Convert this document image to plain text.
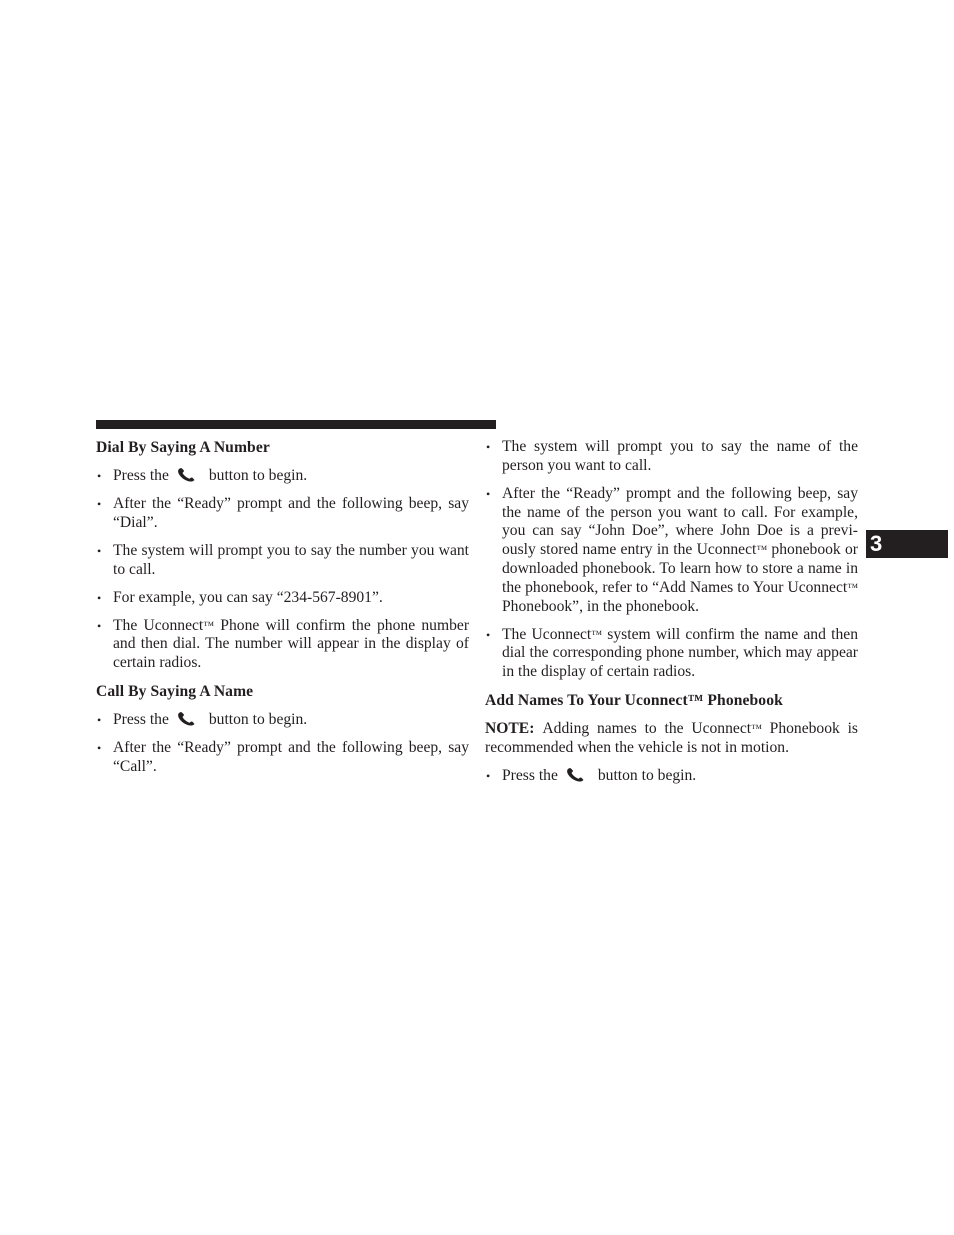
3
Dial By Saying A Number
• Press the	button to begin.
• After the “Ready” prompt and the following beep, say “Dial”.
• The system will prompt you to say the number you want to call.
• For example, you can say “234-567-8901”.
• The Uconnect™ Phone will confirm the phone number and then dial. The number will appear in the display of certain radios.
Call By Saying A Name
• Press the	button to begin.
• After the “Ready” prompt and the following beep, say “Call”.
• The system will prompt you to say the name of the person you want to call.
• After the “Ready” prompt and the following beep, say the name of the person you want to call. For example, you can say “John Doe”, where John Doe is a previ-ously stored name entry in the Uconnect™ phonebook or downloaded phonebook. To learn how to store a name in the phonebook, refer to “Add Names to Your Uconnect™ Phonebook”, in the phonebook.
• The Uconnect™ system will confirm the name and then dial the corresponding phone number, which may appear in the display of certain radios.
Add Names To Your Uconnect™ Phonebook

NOTE: Adding names to the Uconnect™ Phonebook is recommended when the vehicle is not in motion.

• Press the	button to begin.
